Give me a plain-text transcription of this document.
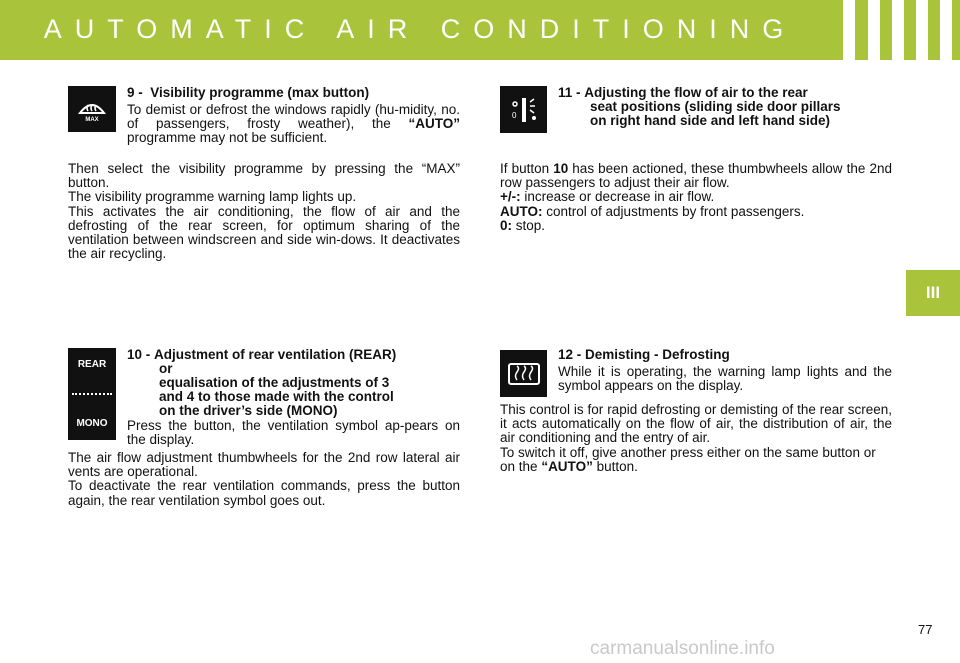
AUTOMATIC AIR CONDITIONING
III
MAX
9 - Visibility programme (max button)
To demist or defrost the windows rapidly (hu-midity, no. of passengers, frosty weather), the “AUTO” programme may not be sufficient.

Then select the visibility programme by pressing the “MAX” button.

The visibility programme warning lamp lights up.

This activates the air conditioning, the flow of air and the defrosting of the rear screen, for optimum sharing of the ventilation between windscreen and side win-dows. It deactivates the air recycling.

0
11 - Adjusting the flow of air to the rear
seat positions (sliding side door pillars
on right hand side and left hand side)

If button 10 has been actioned, these thumbwheels allow the 2nd row passengers to adjust their air flow.

+/-: increase or decrease in air flow.

AUTO: control of adjustments by front passengers.

0: stop.

REAR
MONO
10 - Adjustment of rear ventilation (REAR)
or
equalisation of the adjustments of 3
and 4 to those made with the control
on the driver’s side (MONO)
Press the button, the ventilation symbol ap-pears on the display.

The air flow adjustment thumbwheels for the 2nd row lateral air vents are operational.

To deactivate the rear ventilation commands, press the button again, the rear ventilation symbol goes out.

12 - Demisting - Defrosting
While it is operating, the warning lamp lights and the symbol appears on the display.

This control is for rapid defrosting or demisting of the rear screen, it acts automatically on the flow of air, the distribution of air, the air conditioning and the entry of air.

To switch it off, give another press either on the same button or on the “AUTO” button.

77
carmanualsonline.info
